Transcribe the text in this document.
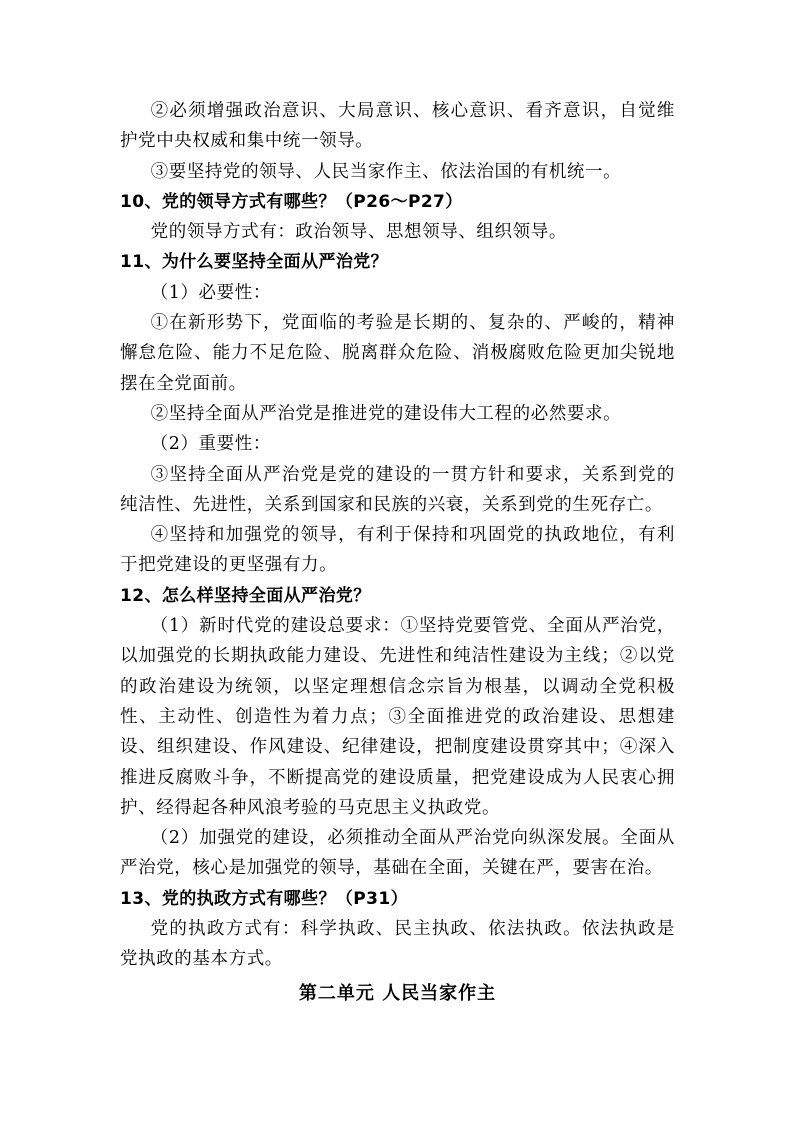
②必须增强政治意识、大局意识、核心意识、看齐意识，自觉维护党中央权威和集中统一领导。

③要坚持党的领导、人民当家作主、依法治国的有机统一。

10、党的领导方式有哪些？（P26～P27）

党的领导方式有：政治领导、思想领导、组织领导。

11、为什么要坚持全面从严治党？

（1）必要性：

①在新形势下，党面临的考验是长期的、复杂的、严峻的，精神懈怠危险、能力不足危险、脱离群众危险、消极腐败危险更加尖锐地摆在全党面前。

②坚持全面从严治党是推进党的建设伟大工程的必然要求。

（2）重要性：

③坚持全面从严治党是党的建设的一贯方针和要求，关系到党的纯洁性、先进性，关系到国家和民族的兴衰，关系到党的生死存亡。

④坚持和加强党的领导，有利于保持和巩固党的执政地位，有利于把党建设的更坚强有力。

12、怎么样坚持全面从严治党？

（1）新时代党的建设总要求：①坚持党要管党、全面从严治党，以加强党的长期执政能力建设、先进性和纯洁性建设为主线；②以党的政治建设为统领，以坚定理想信念宗旨为根基，以调动全党积极性、主动性、创造性为着力点；③全面推进党的政治建设、思想建设、组织建设、作风建设、纪律建设，把制度建设贯穿其中；④深入推进反腐败斗争，不断提高党的建设质量，把党建设成为人民衷心拥护、经得起各种风浪考验的马克思主义执政党。

（2）加强党的建设，必须推动全面从严治党向纵深发展。全面从严治党，核心是加强党的领导，基础在全面，关键在严，要害在治。

13、党的执政方式有哪些？（P31）

党的执政方式有：科学执政、民主执政、依法执政。依法执政是党执政的基本方式。

第二单元 人民当家作主
